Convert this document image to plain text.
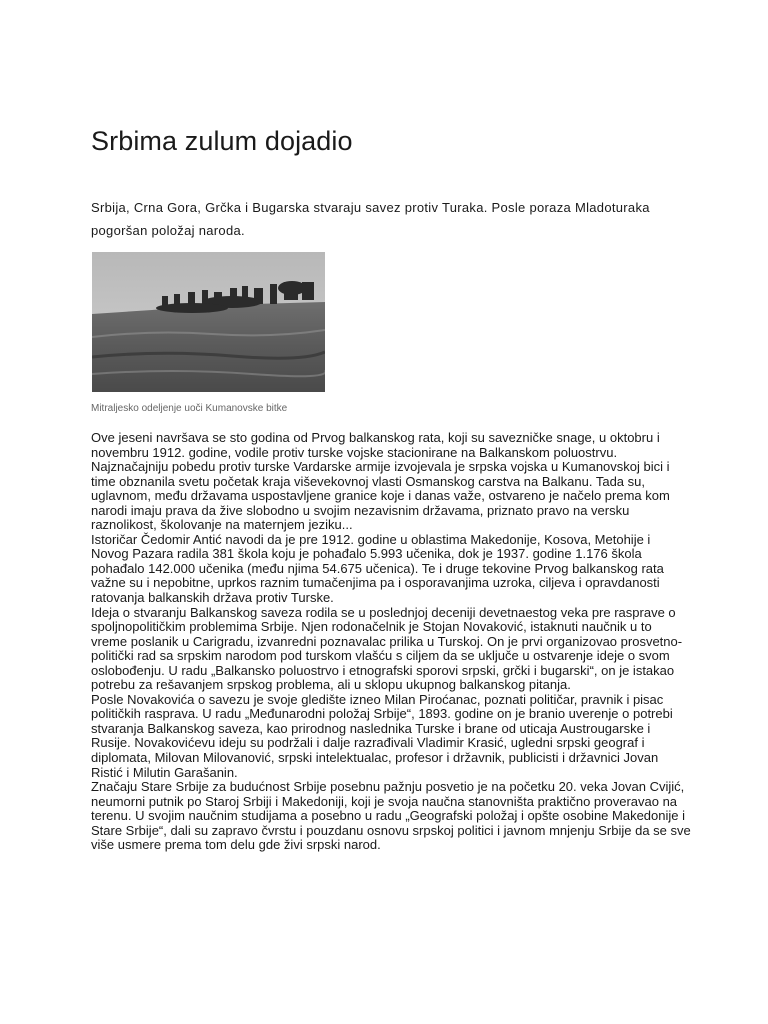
Srbima zulum dojadio

Srbija, Crna Gora, Grčka i Bugarska stvaraju savez protiv Turaka. Posle poraza Mladoturaka pogoršan položaj naroda.

Mitraljesko odeljenje uoči Kumanovske bitke

Ove jeseni navršava se sto godina od Prvog balkanskog rata, koji su savezničke snage, u oktobru i novembru 1912. godine, vodile protiv turske vojske stacionirane na Balkanskom poluostrvu. Najznačajniju pobedu protiv turske Vardarske armije izvojevala je srpska vojska u Kumanovskoj bici i time obznanila svetu početak kraja viševekovnoj vlasti Osmanskog carstva na Balkanu. Tada su, uglavnom, među državama uspostavljene granice koje i danas važe, ostvareno je načelo prema kom narodi imaju prava da žive slobodno u svojim nezavisnim državama, priznato pravo na versku raznolikost, školovanje na maternjem jeziku...

Istoričar Čedomir Antić navodi da je pre 1912. godine u oblastima Makedonije, Kosova, Metohije i Novog Pazara radila 381 škola koju je pohađalo 5.993 učenika, dok je 1937. godine 1.176 škola pohađalo 142.000 učenika (među njima 54.675 učenica). Te i druge tekovine Prvog balkanskog rata važne su i nepobitne, uprkos raznim tumačenjima pa i osporavanjima uzroka, ciljeva i opravdanosti ratovanja balkanskih država protiv Turske.

Ideja o stvaranju Balkanskog saveza rodila se u poslednjoj deceniji devetnaestog veka pre rasprave o spoljnopolitičkim problemima Srbije. Njen rodonačelnik je Stojan Novaković, istaknuti naučnik u to vreme poslanik u Carigradu, izvanredni poznavalac prilika u Turskoj. On je prvi organizovao prosvetno-politički rad sa srpskim narodom pod turskom vlašću s ciljem da se uključe u ostvarenje ideje o svom oslobođenju. U radu „Balkansko poluostrvo i etnografski sporovi srpski, grčki i bugarski“, on je istakao potrebu za rešavanjem srpskog problema, ali u sklopu ukupnog balkanskog pitanja.

Posle Novakovića o savezu je svoje gledište izneo Milan Piroćanac, poznati političar, pravnik i pisac političkih rasprava. U radu „Međunarodni položaj Srbije“, 1893. godine on je branio uverenje o potrebi stvaranja Balkanskog saveza, kao prirodnog naslednika Turske i brane od uticaja Austrougarske i Rusije. Novakovićevu ideju su podržali i dalje razrađivali Vladimir Krasić, ugledni srpski geograf i diplomata, Milovan Milovanović, srpski intelektualac, profesor i državnik, publicisti i državnici Jovan Ristić i Milutin Garašanin.

Značaju Stare Srbije za budućnost Srbije posebnu pažnju posvetio je na početku 20. veka Jovan Cvijić, neumorni putnik po Staroj Srbiji i Makedoniji, koji je svoja naučna stanovništa praktično proveravao na terenu. U svojim naučnim studijama a posebno u radu „Geografski položaj i opšte osobine Makedonije i Stare Srbije“, dali su zapravo čvrstu i pouzdanu osnovu srpskoj politici i javnom mnjenju Srbije da se sve više usmere prema tom delu gde živi srpski narod.
